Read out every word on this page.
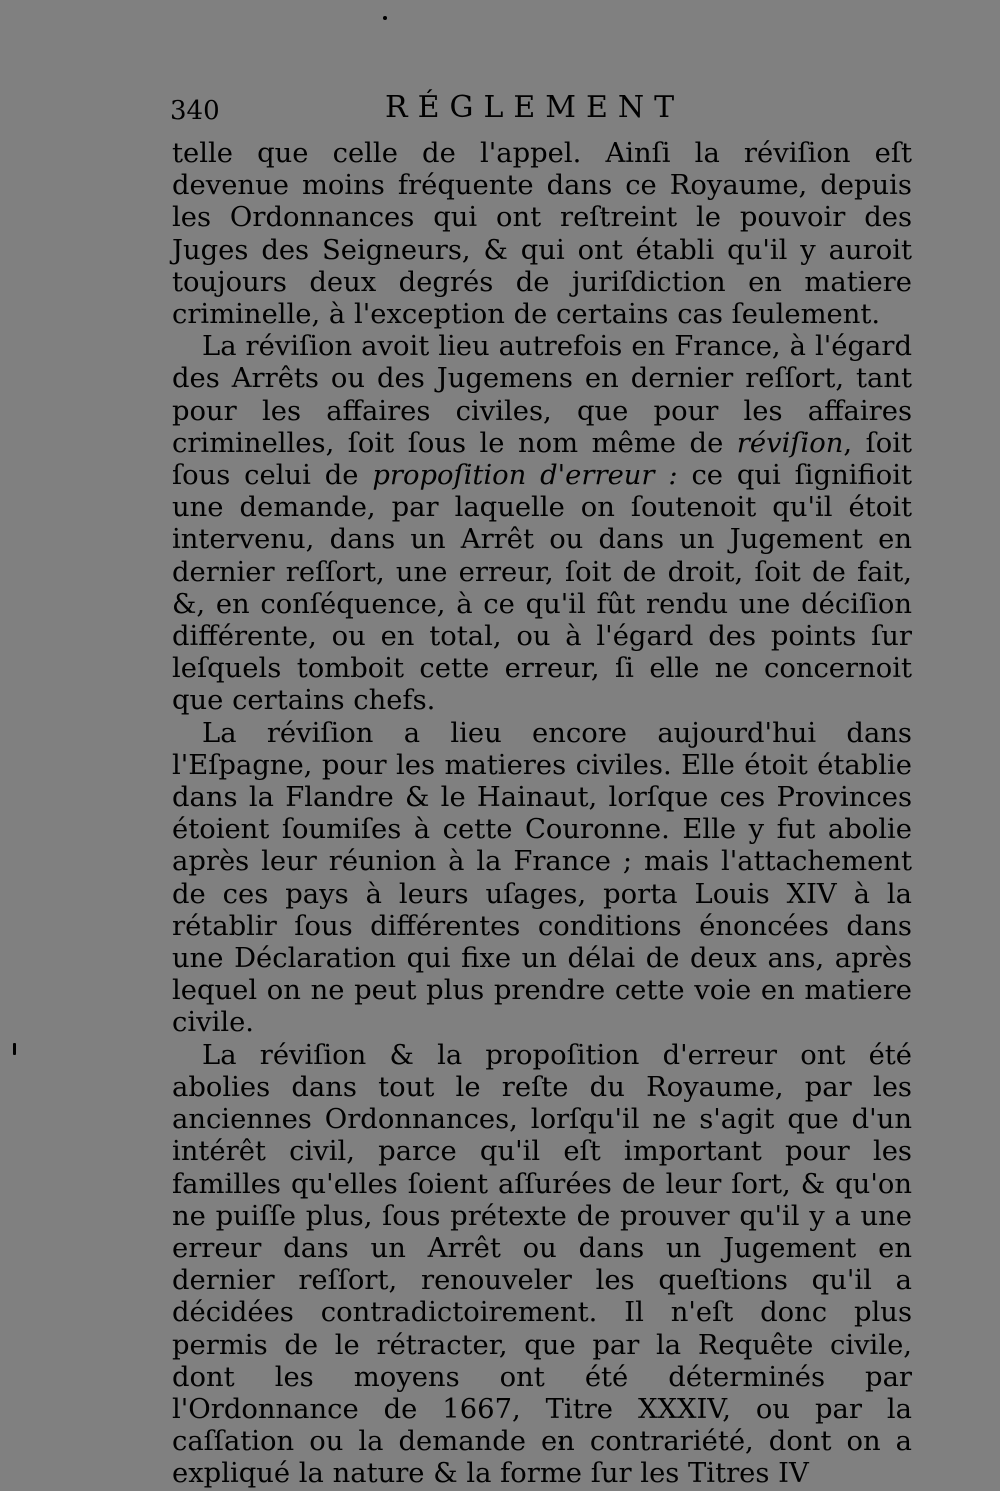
340	RÉGLEMENT

telle que celle de l'appel. Ainſi la réviſion eſt devenue moins fréquente dans ce Royaume, depuis les Ordonnances qui ont reſtreint le pouvoir des Juges des Seigneurs, & qui ont établi qu'il y auroit toujours deux degrés de juriſdiction en matiere criminelle, à l'exception de certains cas ſeulement.

La réviſion avoit lieu autrefois en France, à l'égard des Arrêts ou des Jugemens en dernier reſſort, tant pour les affaires civiles, que pour les affaires criminelles, ſoit ſous le nom même de réviſion, ſoit ſous celui de propoſition d'erreur : ce qui ſignifioit une demande, par laquelle on ſoutenoit qu'il étoit intervenu, dans un Arrêt ou dans un Jugement en dernier reſſort, une erreur, ſoit de droit, ſoit de fait, &, en conſéquence, à ce qu'il fût rendu une déciſion différente, ou en total, ou à l'égard des points ſur leſquels tomboit cette erreur, ſi elle ne concernoit que certains chefs.

La réviſion a lieu encore aujourd'hui dans l'Eſpagne, pour les matieres civiles. Elle étoit établie dans la Flandre & le Hainaut, lorſque ces Provinces étoient ſoumiſes à cette Couronne. Elle y fut abolie après leur réunion à la France ; mais l'attachement de ces pays à leurs uſages, porta Louis XIV à la rétablir ſous différentes conditions énoncées dans une Déclaration qui fixe un délai de deux ans, après lequel on ne peut plus prendre cette voie en matiere civile.

La réviſion & la propoſition d'erreur ont été abolies dans tout le reſte du Royaume, par les anciennes Ordonnances, lorſqu'il ne s'agit que d'un intérêt civil, parce qu'il eſt important pour les familles qu'elles ſoient aſſurées de leur ſort, & qu'on ne puiſſe plus, ſous prétexte de prouver qu'il y a une erreur dans un Arrêt ou dans un Jugement en dernier reſſort, renouveler les queſtions qu'il a décidées contradictoirement. Il n'eſt donc plus permis de le rétracter, que par la Requête civile, dont les moyens ont été déterminés par l'Ordonnance de 1667, Titre XXXIV, ou par la caſſation ou la demande en contrariété, dont on a expliqué la nature & la forme ſur les Titres IV
